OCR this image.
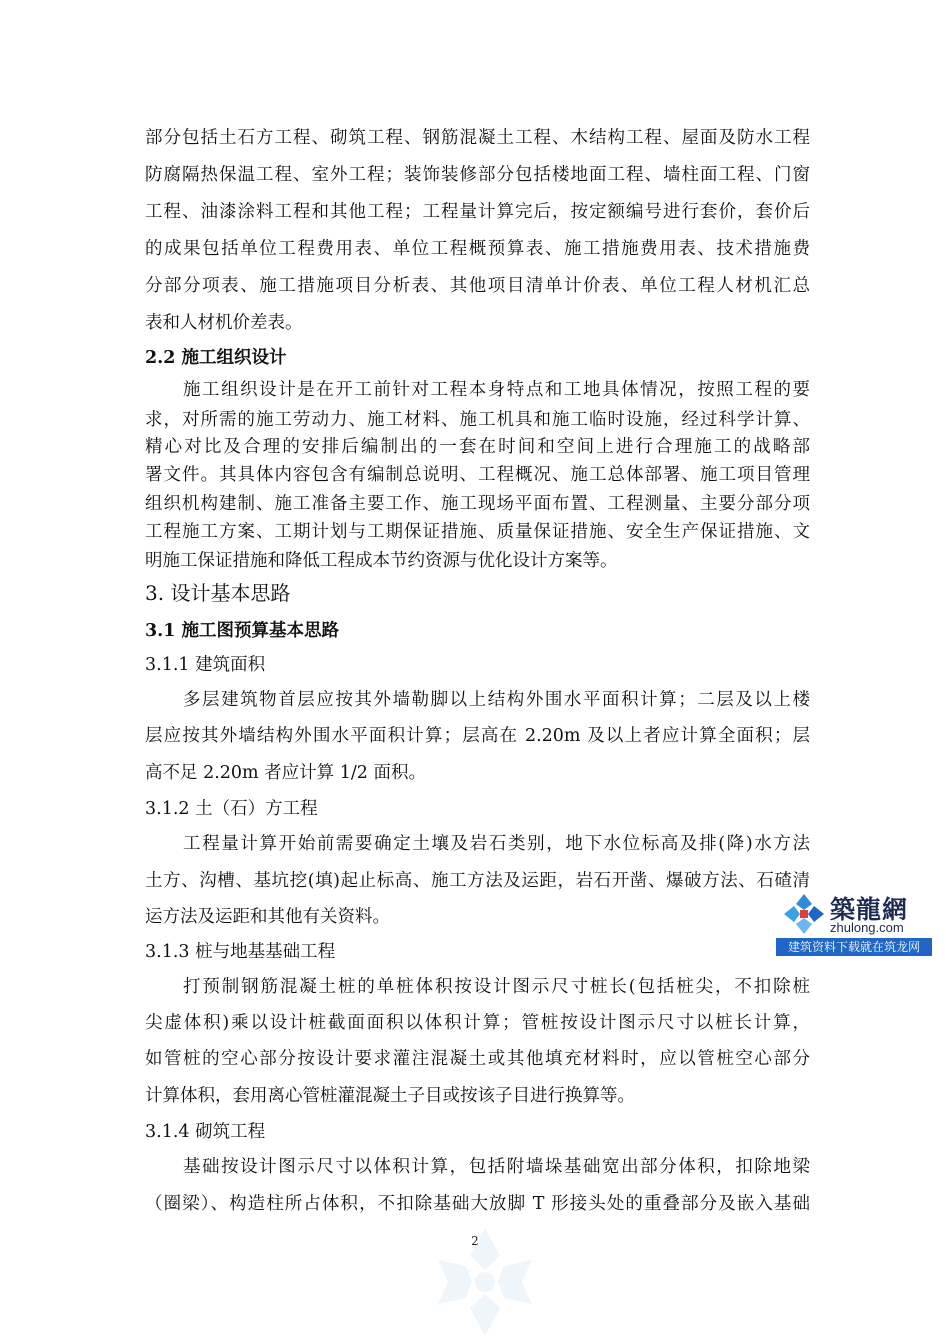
部分包括土石方工程、砌筑工程、钢筋混凝土工程、木结构工程、屋面及防水工程
防腐隔热保温工程、室外工程；装饰装修部分包括楼地面工程、墙柱面工程、门窗
工程、油漆涂料工程和其他工程；工程量计算完后，按定额编号进行套价，套价后
的成果包括单位工程费用表、单位工程概预算表、施工措施费用表、技术措施费
分部分项表、施工措施项目分析表、其他项目清单计价表、单位工程人材机汇总
表和人材机价差表。
2.2 施工组织设计
施工组织设计是在开工前针对工程本身特点和工地具体情况，按照工程的要
求，对所需的施工劳动力、施工材料、施工机具和施工临时设施，经过科学计算、
精心对比及合理的安排后编制出的一套在时间和空间上进行合理施工的战略部
署文件。其具体内容包含有编制总说明、工程概况、施工总体部署、施工项目管理
组织机构建制、施工准备主要工作、施工现场平面布置、工程测量、主要分部分项
工程施工方案、工期计划与工期保证措施、质量保证措施、安全生产保证措施、文
明施工保证措施和降低工程成本节约资源与优化设计方案等。
3. 设计基本思路
3.1 施工图预算基本思路
3.1.1 建筑面积
多层建筑物首层应按其外墙勒脚以上结构外围水平面积计算；二层及以上楼
层应按其外墙结构外围水平面积计算；层高在 2.20m 及以上者应计算全面积；层
高不足 2.20m 者应计算 1/2 面积。
3.1.2 土（石）方工程
工程量计算开始前需要确定土壤及岩石类别，地下水位标高及排(降)水方法
土方、沟槽、基坑挖(填)起止标高、施工方法及运距，岩石开凿、爆破方法、石碴清
运方法及运距和其他有关资料。
3.1.3 桩与地基基础工程
打预制钢筋混凝土桩的单桩体积按设计图示尺寸桩长(包括桩尖，不扣除桩
尖虚体积)乘以设计桩截面面积以体积计算；管桩按设计图示尺寸以桩长计算，
如管桩的空心部分按设计要求灌注混凝土或其他填充材料时，应以管桩空心部分
计算体积，套用离心管桩灌混凝土子目或按该子目进行换算等。
3.1.4 砌筑工程
基础按设计图示尺寸以体积计算，包括附墙垛基础宽出部分体积，扣除地梁
（圈梁）、构造柱所占体积，不扣除基础大放脚 T 形接头处的重叠部分及嵌入基础
2
築龍網
zhulong.com
建筑资料下载就在筑龙网
